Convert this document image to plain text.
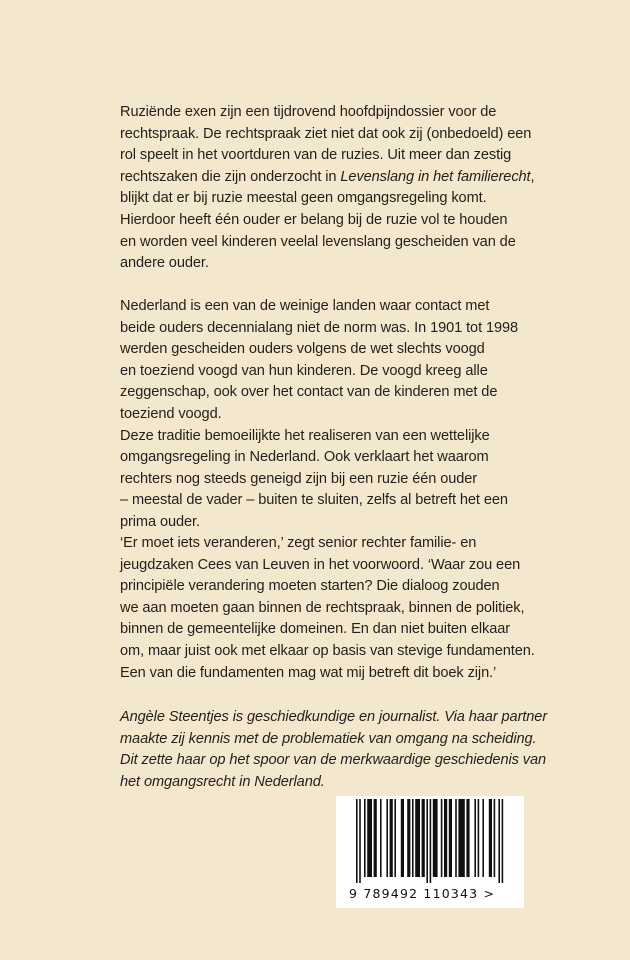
Ruziënde exen zijn een tijdrovend hoofdpijndossier voor de
rechtspraak. De rechtspraak ziet niet dat ook zij (onbedoeld) een
rol speelt in het voortduren van de ruzies. Uit meer dan zestig
rechtszaken die zijn onderzocht in Levenslang in het familierecht,
blijkt dat er bij ruzie meestal geen omgangsregeling komt.
Hierdoor heeft één ouder er belang bij de ruzie vol te houden
en worden veel kinderen veelal levenslang gescheiden van de
andere ouder.
Nederland is een van de weinige landen waar contact met
beide ouders decennialang niet de norm was. In 1901 tot 1998
werden gescheiden ouders volgens de wet slechts voogd
en toeziend voogd van hun kinderen. De voogd kreeg alle
zeggenschap, ook over het contact van de kinderen met de
toeziend voogd.
Deze traditie bemoeilijkte het realiseren van een wettelijke
omgangsregeling in Nederland. Ook verklaart het waarom
rechters nog steeds geneigd zijn bij een ruzie één ouder
– meestal de vader – buiten te sluiten, zelfs al betreft het een
prima ouder.
‘Er moet iets veranderen,’ zegt senior rechter familie- en
jeugdzaken Cees van Leuven in het voorwoord. ‘Waar zou een
principiële verandering moeten starten? Die dialoog zouden
we aan moeten gaan binnen de rechtspraak, binnen de politiek,
binnen de gemeentelijke domeinen. En dan niet buiten elkaar
om, maar juist ook met elkaar op basis van stevige fundamenten.
Een van die fundamenten mag wat mij betreft dit boek zijn.’
Angèle Steentjes is geschiedkundige en journalist. Via haar partner
maakte zij kennis met de problematiek van omgang na scheiding.
Dit zette haar op het spoor van de merkwaardige geschiedenis van
het omgangsrecht in Nederland.
9 789492 110343 >
